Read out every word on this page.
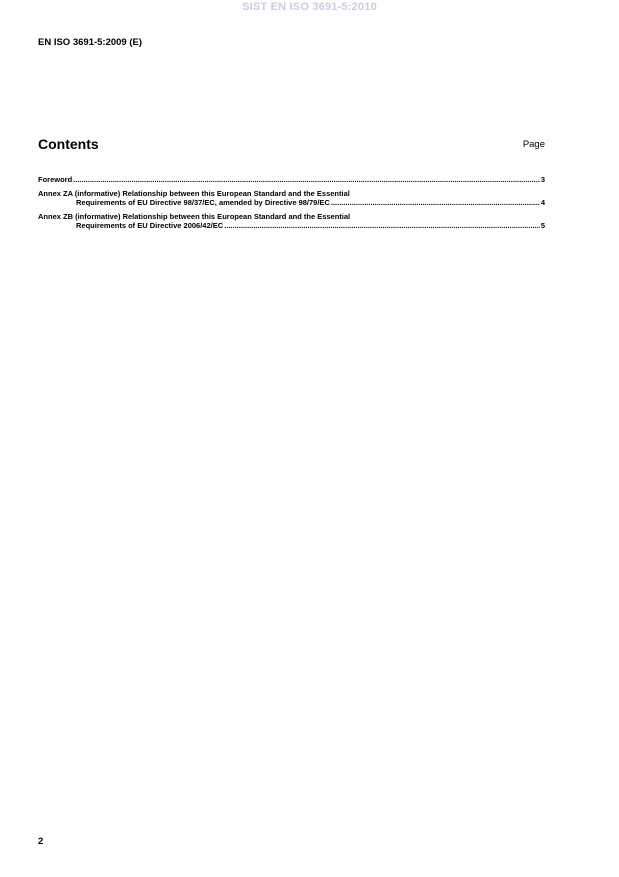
SIST EN ISO 3691-5:2010
EN ISO 3691-5:2009 (E)
Contents	Page
Foreword .....	3
Annex ZA (informative) Relationship between this European Standard and the Essential
Requirements of EU Directive 98/37/EC, amended by Directive 98/79/EC .....	4
Annex ZB (informative) Relationship between this European Standard and the Essential
Requirements of EU Directive 2006/42/EC .....	5
2
